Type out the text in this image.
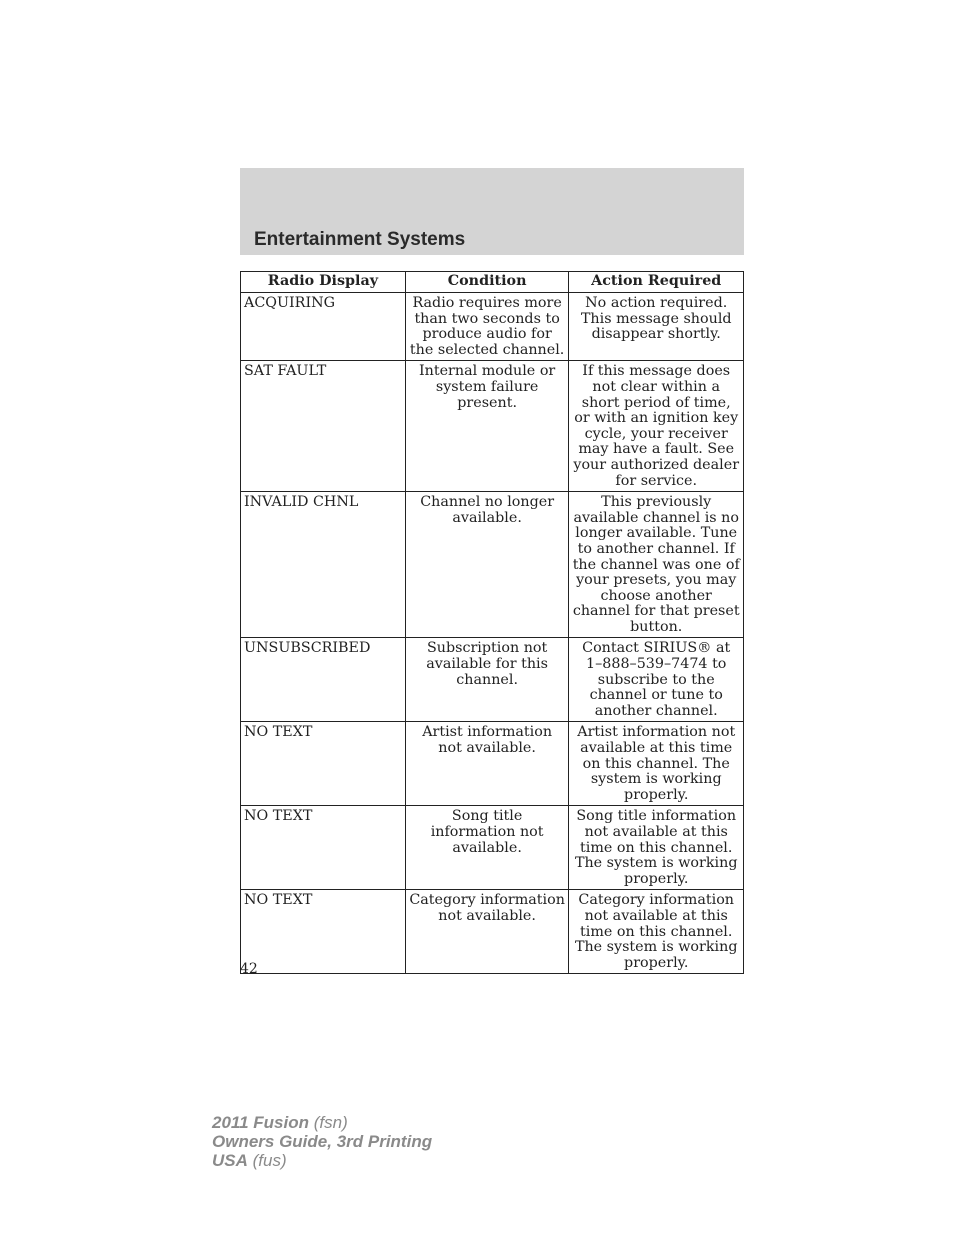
Entertainment Systems
Radio Display	Condition	Action Required
ACQUIRING	Radio requires more than two seconds to produce audio for the selected channel.	No action required. This message should disappear shortly.
SAT FAULT	Internal module or system failure present.	If this message does not clear within a short period of time, or with an ignition key cycle, your receiver may have a fault. See your authorized dealer for service.
INVALID CHNL	Channel no longer available.	This previously available channel is no longer available. Tune to another channel. If the channel was one of your presets, you may choose another channel for that preset button.
UNSUBSCRIBED	Subscription not available for this channel.	Contact SIRIUS® at 1–888–539–7474 to subscribe to the channel or tune to another channel.
NO TEXT	Artist information not available.	Artist information not available at this time on this channel. The system is working properly.
NO TEXT	Song title information not available.	Song title information not available at this time on this channel. The system is working properly.
NO TEXT	Category information not available.	Category information not available at this time on this channel. The system is working properly.
42
2011 Fusion (fsn)
Owners Guide, 3rd Printing
USA (fus)
